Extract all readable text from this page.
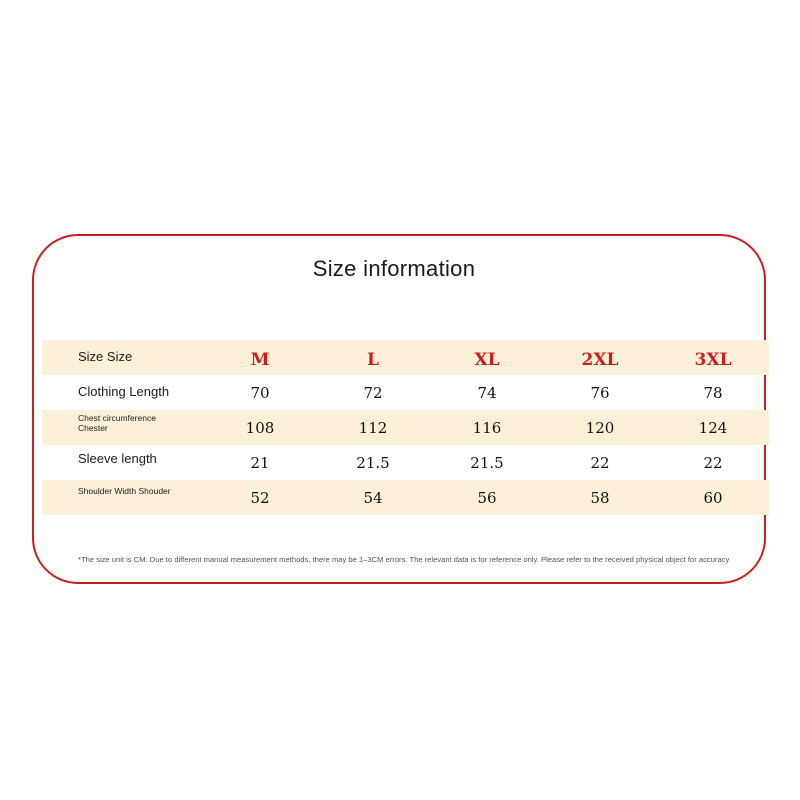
Size information
Size Size	M	L	XL	2XL	3XL
Clothing Length	70	72	74	76	78
Chest circumference Chester	108	112	116	120	124
Sleeve length	21	21.5	21.5	22	22
Shoulder Width Shouder	52	54	56	58	60
*The size unit is CM. Due to different manual measurement methods, there may be 1–3CM errors. The relevant data is for reference only. Please refer to the received physical object for accuracy
